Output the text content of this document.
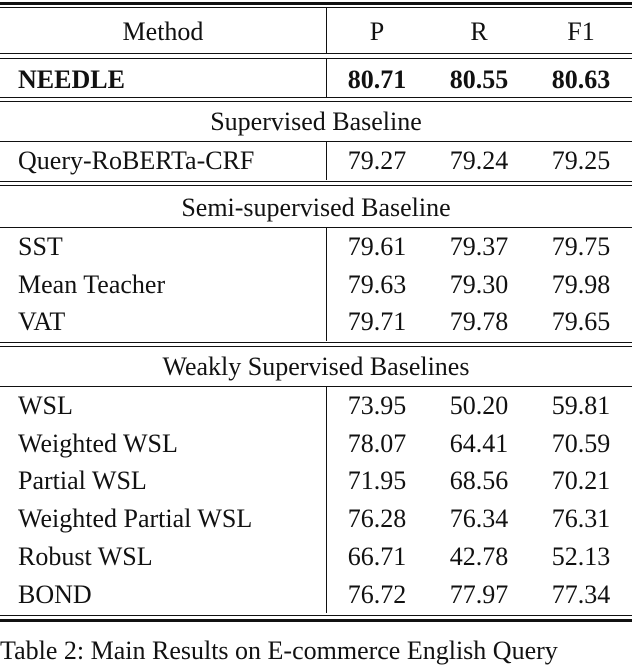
Method	P	R	F1
NEEDLE	80.71	80.55	80.63
Supervised Baseline
Query-RoBERTa-CRF	79.27	79.24	79.25
Semi-supervised Baseline
SST	79.61	79.37	79.75
Mean Teacher	79.63	79.30	79.98
VAT	79.71	79.78	79.65
Weakly Supervised Baselines
WSL	73.95	50.20	59.81
Weighted WSL	78.07	64.41	70.59
Partial WSL	71.95	68.56	70.21
Weighted Partial WSL	76.28	76.34	76.31
Robust WSL	66.71	42.78	52.13
BOND	76.72	77.97	77.34
Table 2: Main Results on E-commerce English Query
